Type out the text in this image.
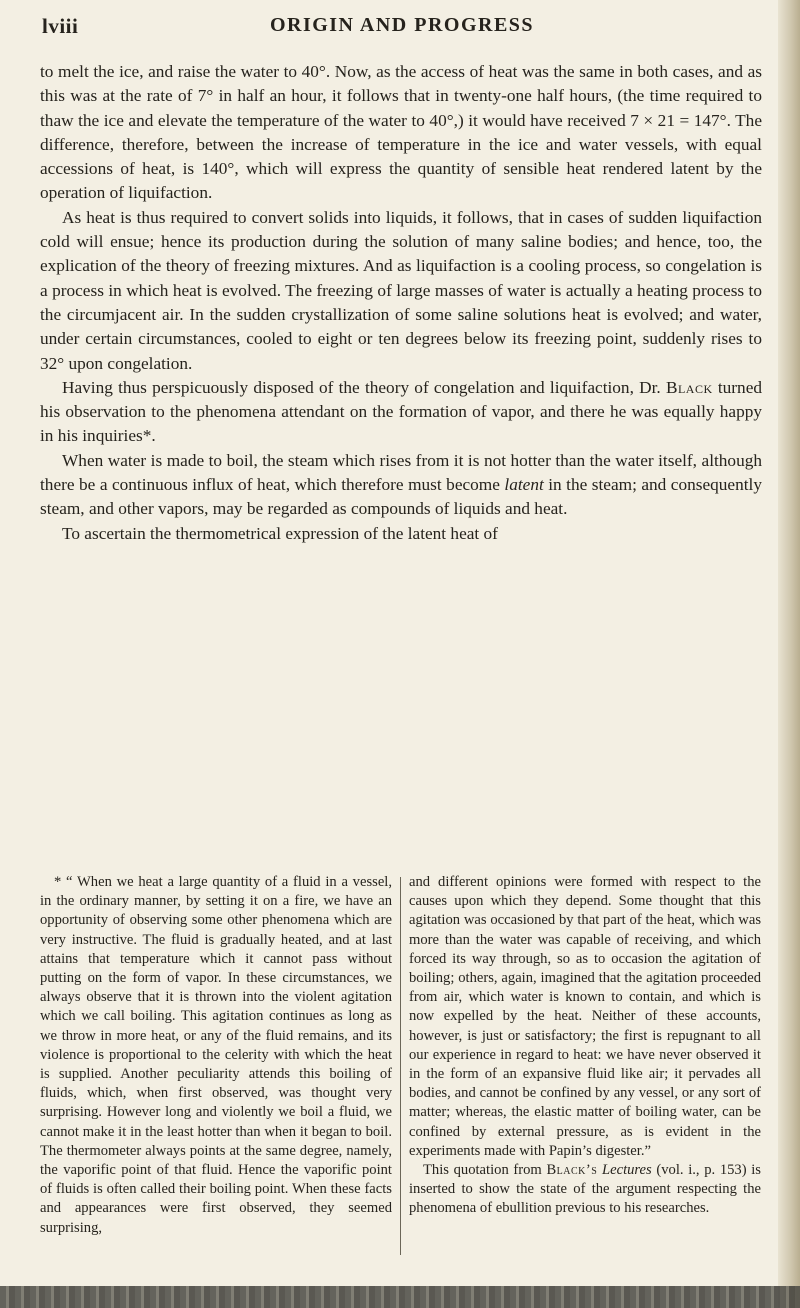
lviii	ORIGIN AND PROGRESS

to melt the ice, and raise the water to 40°. Now, as the access of heat was the same in both cases, and as this was at the rate of 7° in half an hour, it follows that in twenty-one half hours, (the time required to thaw the ice and elevate the temperature of the water to 40°,) it would have received 7 × 21 = 147°. The difference, therefore, between the increase of temperature in the ice and water vessels, with equal accessions of heat, is 140°, which will express the quantity of sensible heat rendered latent by the operation of liquifaction.

As heat is thus required to convert solids into liquids, it follows, that in cases of sudden liquifaction cold will ensue; hence its production during the solution of many saline bodies; and hence, too, the explication of the theory of freezing mixtures. And as liquifaction is a cooling process, so congelation is a process in which heat is evolved. The freezing of large masses of water is actually a heating process to the circumjacent air. In the sudden crystallization of some saline solutions heat is evolved; and water, under certain circumstances, cooled to eight or ten degrees below its freezing point, suddenly rises to 32° upon congelation.

Having thus perspicuously disposed of the theory of congelation and liquifaction, Dr. Black turned his observation to the phenomena attendant on the formation of vapor, and there he was equally happy in his inquiries*.

When water is made to boil, the steam which rises from it is not hotter than the water itself, although there be a continuous influx of heat, which therefore must become latent in the steam; and consequently steam, and other vapors, may be regarded as compounds of liquids and heat.

To ascertain the thermometrical expression of the latent heat of

* “ When we heat a large quantity of a fluid in a vessel, in the ordinary manner, by setting it on a fire, we have an opportunity of observing some other phenomena which are very instructive. The fluid is gradually heated, and at last attains that temperature which it cannot pass without putting on the form of vapor. In these circumstances, we always observe that it is thrown into the violent agitation which we call boiling. This agitation continues as long as we throw in more heat, or any of the fluid remains, and its violence is proportional to the celerity with which the heat is supplied. Another peculiarity attends this boiling of fluids, which, when first observed, was thought very surprising. However long and violently we boil a fluid, we cannot make it in the least hotter than when it began to boil. The thermometer always points at the same degree, namely, the vaporific point of that fluid. Hence the vaporific point of fluids is often called their boiling point. When these facts and appearances were first observed, they seemed surprising,

and different opinions were formed with respect to the causes upon which they depend. Some thought that this agitation was occasioned by that part of the heat, which was more than the water was capable of receiving, and which forced its way through, so as to occasion the agitation of boiling; others, again, imagined that the agitation proceeded from air, which water is known to contain, and which is now expelled by the heat. Neither of these accounts, however, is just or satisfactory; the first is repugnant to all our experience in regard to heat: we have never observed it in the form of an expansive fluid like air; it pervades all bodies, and cannot be confined by any vessel, or any sort of matter; whereas, the elastic matter of boiling water, can be confined by external pressure, as is evident in the experiments made with Papin’s digester.”

This quotation from Black’s Lectures (vol. i., p. 153) is inserted to show the state of the argument respecting the phenomena of ebullition previous to his researches.
